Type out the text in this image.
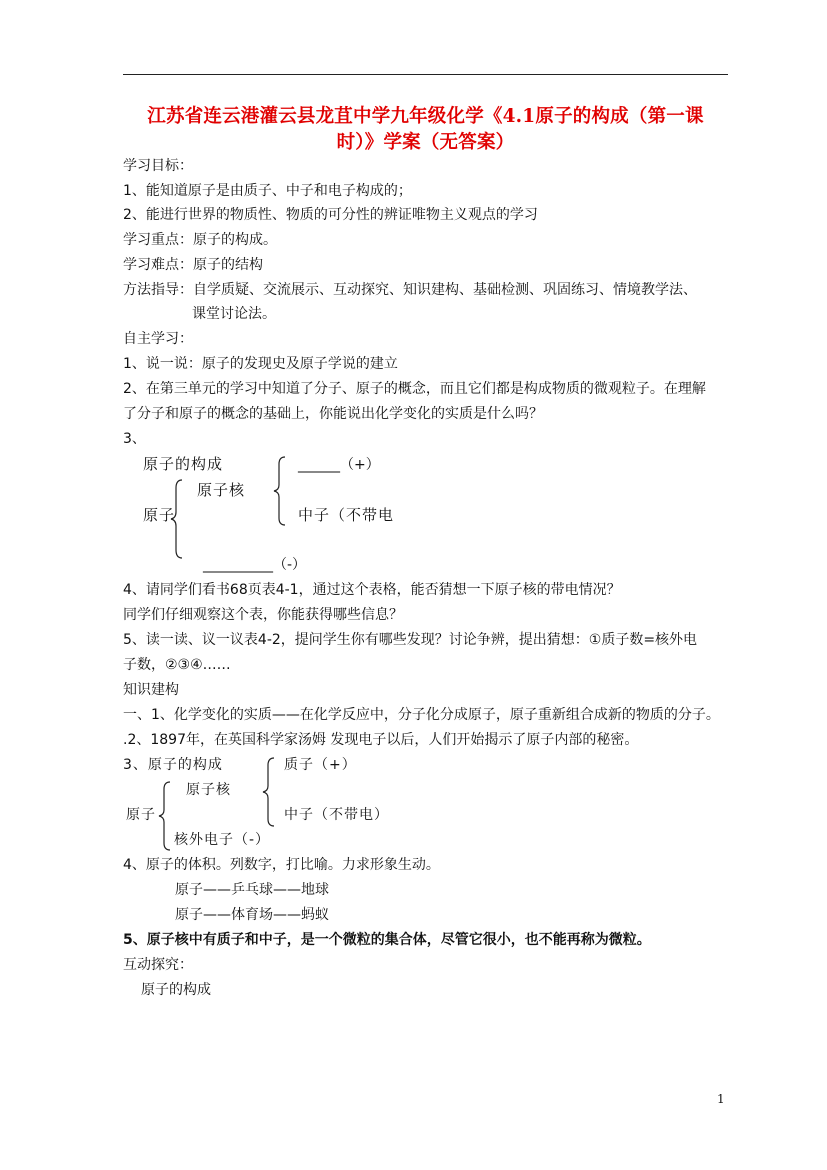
江苏省连云港灌云县龙苴中学九年级化学《4.1原子的构成（第一课
时）》学案（无答案）
学习目标：
1、能知道原子是由质子、中子和电子构成的；
2、能进行世界的物质性、物质的可分性的辨证唯物主义观点的学习
学习重点：原子的构成。
学习难点：原子的结构
方法指导：自学质疑、交流展示、互动探究、知识建构、基础检测、巩固练习、情境教学法、
课堂讨论法。
自主学习：
1、说一说：原子的发现史及原子学说的建立
2、在第三单元的学习中知道了分子、原子的概念，而且它们都是构成物质的微观粒子。在理解
了分子和原子的概念的基础上，你能说出化学变化的实质是什么吗？
3、
原子的构成
原子核
原子
______（+）
中子（不带电
__________（-）
4、请同学们看书68页表4-1，通过这个表格，能否猜想一下原子核的带电情况？
同学们仔细观察这个表，你能获得哪些信息？
5、读一读、议一议表4-2，提问学生你有哪些发现？讨论争辨，提出猜想：①质子数=核外电
子数，②③④……
知识建构
一、1、化学变化的实质——在化学反应中，分子化分成原子，原子重新组合成新的物质的分子。
.2、1897年，在英国科学家汤姆 发现电子以后，人们开始揭示了原子内部的秘密。
3、原子的构成
原子核
原子
核外电子（-）
质子（+）
中子（不带电）
4、原子的体积。列数字，打比喻。力求形象生动。
原子——乒乓球——地球
原子——体育场——蚂蚁
5、原子核中有质子和中子，是一个微粒的集合体，尽管它很小，也不能再称为微粒。
互动探究：
原子的构成
1
